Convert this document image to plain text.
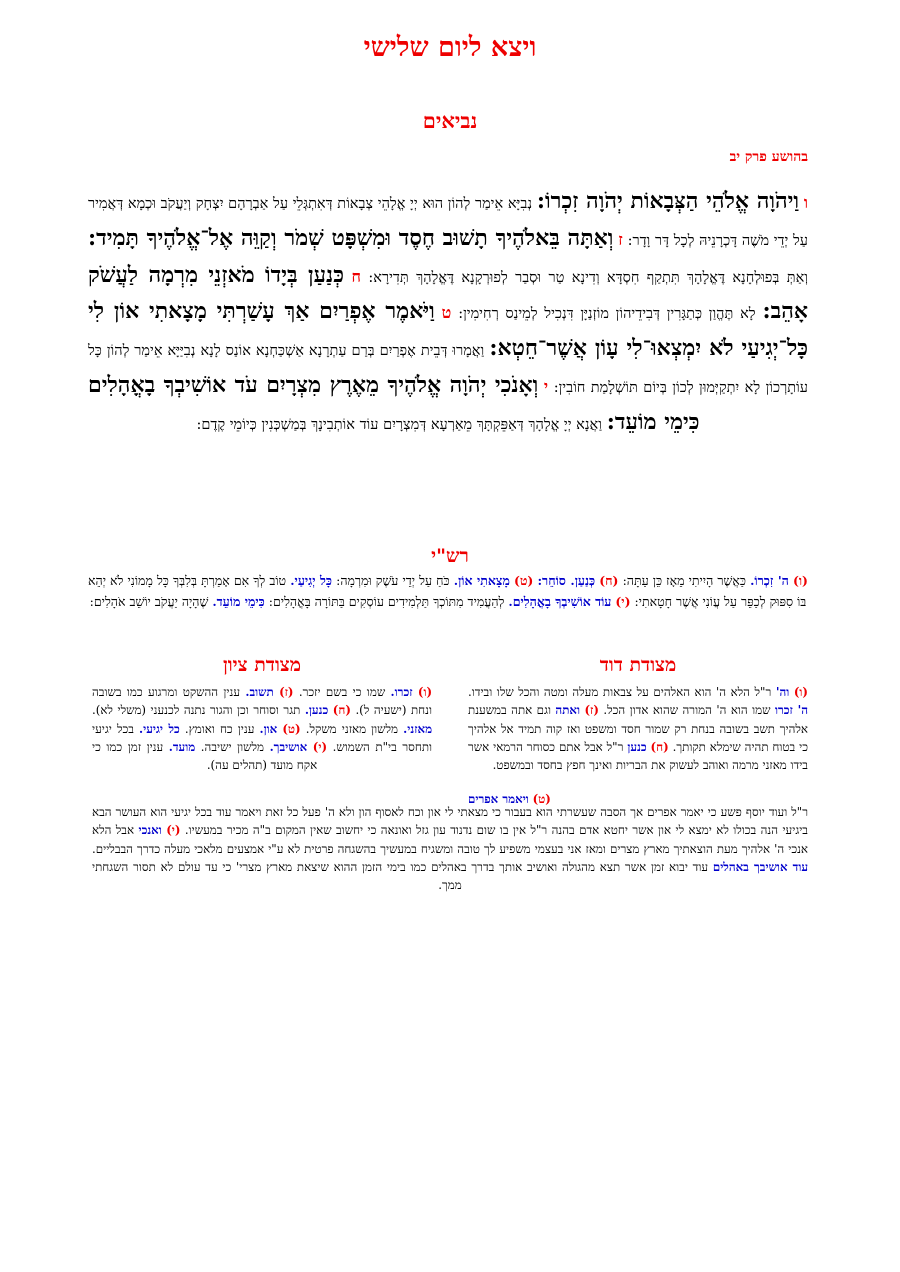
ויצא ליום שלישי
נביאים
בהושע פרק יב
ו וַיהֹוָה אֱלֹהֵי הַצְּבָאוֹת יְהֹוָה זִכְרוֹ: נְבִיָּא אֵימַר לְהוֹן הוּא יְיָ אֱלָהֵי צְבָאוֹת דְּאִתְגְּלֵי עַל אַבְרָהָם יִצְחָק וְיַעֲקֹב וּכְמָא דְּאֲמִיר עַל יְדֵי מֹשֶׁה דָּכְרָנֵיהּ לְכָל דָּר וָדָר: ז וְאַתָּה בֵּאלֹהֶיךָ תָשׁוּב חֶסֶד וּמִשְׁפָּט שְׁמֹר וְקַוֵּה אֶל־אֱלֹהֶיךָ תָּמִיד: וְאַתְּ בְּפוּלְחָנָא דֶּאֱלָהָךְ תִּתְקַף חִסְדָּא וְדִינָא טַר וּסְבַר לְפוּרְקָנָא דֶּאֱלָהָךְ תְּדִירָא: ח כְּנַעַן בְּיָדוֹ מֹאזְנֵי מִרְמָה לַעֲשֹׁק אָהֵב: לָא תֶּהֱוַן כְּתַגָּרִין דְּבִידֵיהוֹן מוֹזְנַיָּן דִּנְכִיל לְמֵינַס רְחִימִין: ט וַיֹּאמֶר אֶפְרַיִם אַךְ עָשַׁרְתִּי מָצָאתִי אוֹן לִי כָּל־יְגִיעַי לֹא יִמְצְאוּ־לִי עָוֹן אֲשֶׁר־חֵטְא: וַאֲמָרוּ דְּבֵית אֶפְרַיִם בְּרַם עַתְרָנָא אַשְׁכַּחְנָא אוֹנַס לָנָא נְבִיַּיָּא אֵימַר לְהוֹן כָּל עוֹתָרְכוֹן לָא יִתְקַיְּמוּן לְכוֹן בְּיוֹם תּוֹשְׁלָמַת חוֹבִין: י וְאָנֹכִי יְהֹוָה אֱלֹהֶיךָ מֵאֶרֶץ מִצְרָיִם עֹד אוֹשִׁיבְךָ בָאֳהָלִים כִּימֵי מוֹעֵד: וַאֲנָא יְיָ אֱלָהָךְ דְּאַפֵּקְתָּךְ מֵאַרְעָא דְּמִצְרָיִם עוֹד אוֹתְבִינָךְ בְּמַשְׁכְּנִין כְּיוֹמֵי קֶדֶם:
רש"י
(ו) ה' זִכְרוֹ. כַּאֲשֶׁר הָיִיתִי מֵאָז כֵּן עַתָּה: (ח) כְּנַעַן. סוֹחֵר: (ט) מָצָאתִי אוֹן. כֹּחַ עַל יְדֵי עֹשֶׁק וּמִרְמָה: כָּל יְגִיעַי. טוֹב לְךָ אִם אָמַרְתָּ בְּלִבְּךָ כָּל מָמוֹנִי לֹא יְהֵא בּוֹ סִפּוּק לְכַפֵּר עַל עֲוֹנִי אֲשֶׁר חָטָאתִי: (י) עוֹד אוֹשִׁיבְךָ בָאֳהָלִים. לְהַעֲמִיד מִתּוֹכְךָ תַּלְמִידִים עוֹסְקִים בַּתּוֹרָה בָּאֳהָלִים: כִּימֵי מוֹעֵד. שֶׁהָיָה יַעֲקֹב יוֹשֵׁב אֹהָלִים:
מצודת דוד
מצודת ציון
(ו) וה' ר"ל הלא ה' הוא האלהים על צבאות מעלה ומטה והכל שלו ובידו. ה' זכרו שמו הוא ה' המורה שהוא אדון הכל. (ז) ואתה וגם אתה במשענת אלהיך תשב בשובה בנחת רק שמור חסד ומשפט ואז קוה תמיד אל אלהיך כי בטוח תהיה שימלא תקותך. (ח) כנען ר"ל אבל אתם כסוחר הרמאי אשר בידו מאזני מרמה ואוהב לעשוק את הבריות ואינך חפץ בחסד ובמשפט.
(ו) זכרו. שמו כי בשם יזכר. (ז) תשוב. ענין ההשקט ומרגוע כמו בשובה ונחת (ישעיה ל). (ח) כנען. תגר וסוחר וכן והגור נתנה לכנעני (משלי לא). מאזני. מלשון מאזני משקל. (ט) און. ענין כח ואומץ. כל יגיעי. בכל יגיעי ותחסר בי"ת השמוש. (י) אושיבך. מלשון ישיבה. מועד. ענין זמן כמו כי אקח מועד (תהלים עה).
ר"ל ועוד יוסף פשע כי יאמר אפרים אך הסבה שעשרתי הוא בעבור כי מצאתי לי און וכח לאסוף הון ולא ה' פעל כל זאת ויאמר עוד בכל יגיעי הוא העושר הבא ביגיעי הנה בכולו לא ימצא לי און אשר יחטא אדם בהנה ר"ל אין בו שום נדנוד עון גזל ואונאה כי יחשוב שאין המקום ב"ה מכיר במעשיו. (י) ואנכי אבל הלא אנכי ה' אלהיך מעת הוצאתיך מארץ מצרים ומאז אני בעצמי משפיע לך טובה ומשגיח במעשיך בהשגחה פרטית לא ע"י אמצעים מלאכי מעלה כדרך הבבליים. עוד אושיבך באהלים עוד יבוא זמן אשר תצא מהגולה ואושיב אותך בדרך באהלים כמו בימי הזמן ההוא שיצאת מארץ מצרי' כי עד עולם לא תסור השגחתי ממך.
(ט) ויאמר אפרים
